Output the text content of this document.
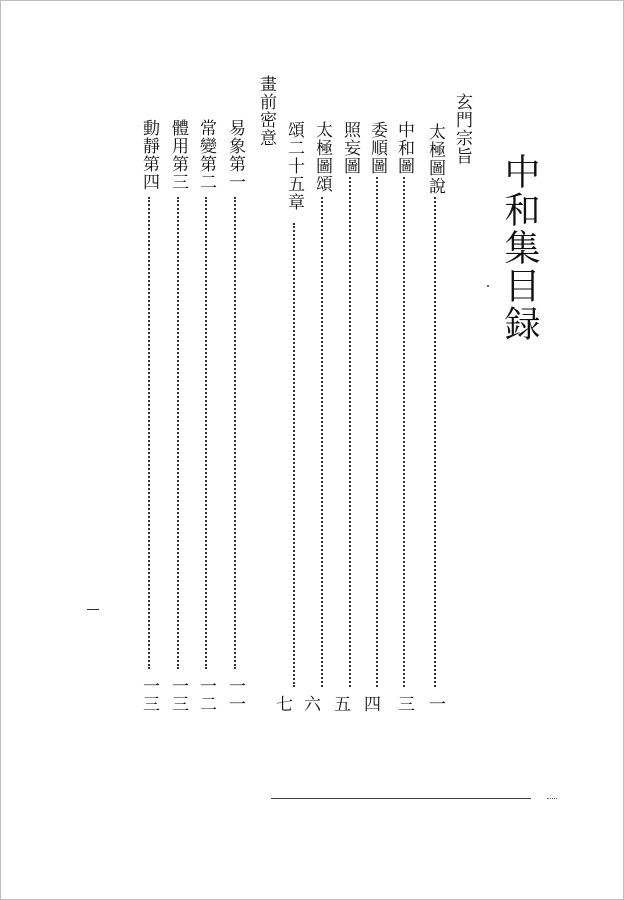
中和集目録
玄門宗旨
太極圖說
一
中和圖
三
委順圖
四
照妄圖
五
太極圖頌
六
頌二十五章
七
畫前密意
易象第一
一一
常變第二
一二
體用第三
一三
動靜第四
一三
